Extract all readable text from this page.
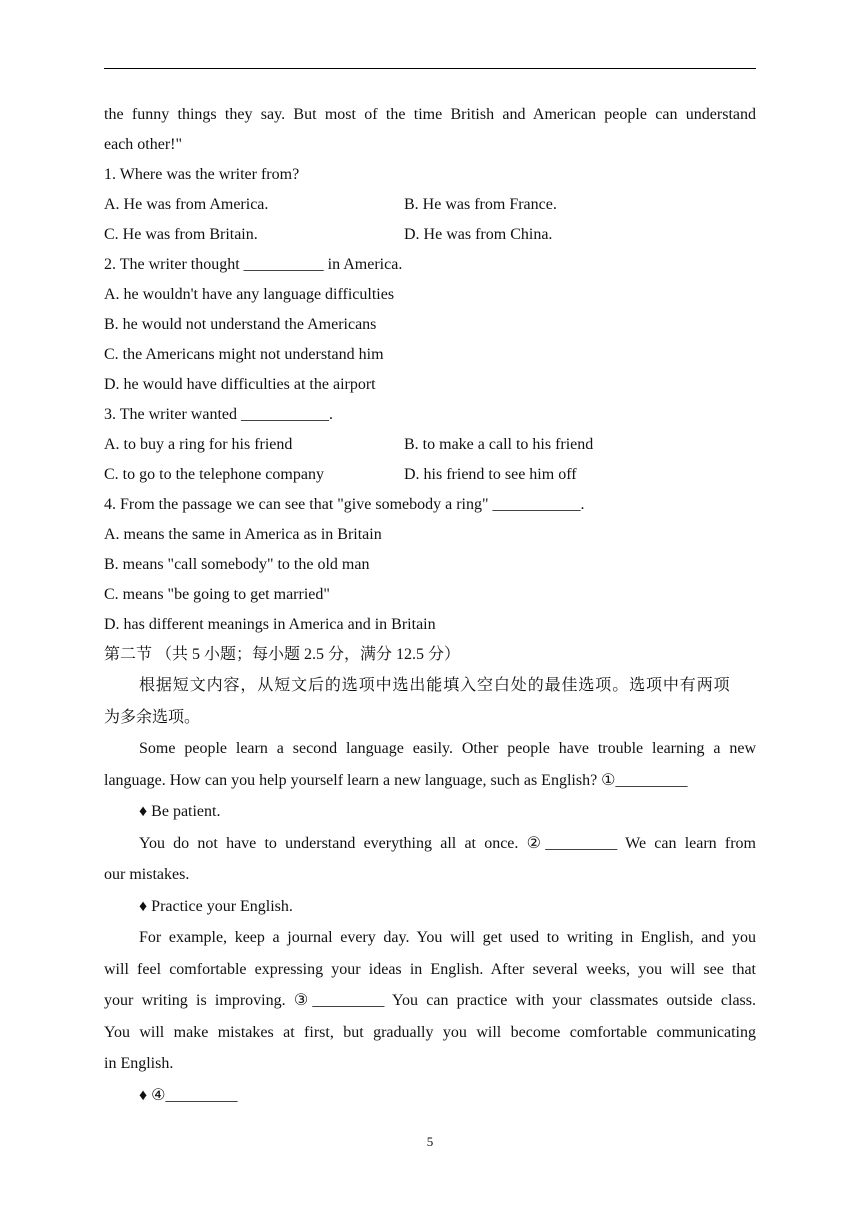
the funny things they say. But most of the time British and American people can understand
each other!"
1. Where was the writer from?
A. He was from America.	B. He was from France.
C. He was from Britain.	D. He was from China.
2. The writer thought __________ in America.
A. he wouldn't have any language difficulties
B. he would not understand the Americans
C. the Americans might not understand him
D. he would have difficulties at the airport
3. The writer wanted ___________.
A. to buy a ring for his friend	B. to make a call to his friend
C. to go to the telephone company	D. his friend to see him off
4. From the passage we can see that "give somebody a ring" ___________.
A. means the same in America as in Britain
B. means "call somebody" to the old man
C. means "be going to get married"
D. has different meanings in America and in Britain
第二节 （共 5 小题；每小题 2.5 分，满分 12.5 分）
根据短文内容，从短文后的选项中选出能填入空白处的最佳选项。选项中有两项
为多余选项。
Some people learn a second language easily. Other people have trouble learning a new
language. How can you help yourself learn a new language, such as English? ①_________
♦ Be patient.
You do not have to understand everything all at once. ②_________ We can learn from
our mistakes.
♦ Practice your English.
For example, keep a journal every day. You will get used to writing in English, and you
will feel comfortable expressing your ideas in English. After several weeks, you will see that
your writing is improving. ③_________ You can practice with your classmates outside class.
You will make mistakes at first, but gradually you will become comfortable communicating
in English.
♦ ④_________
5
